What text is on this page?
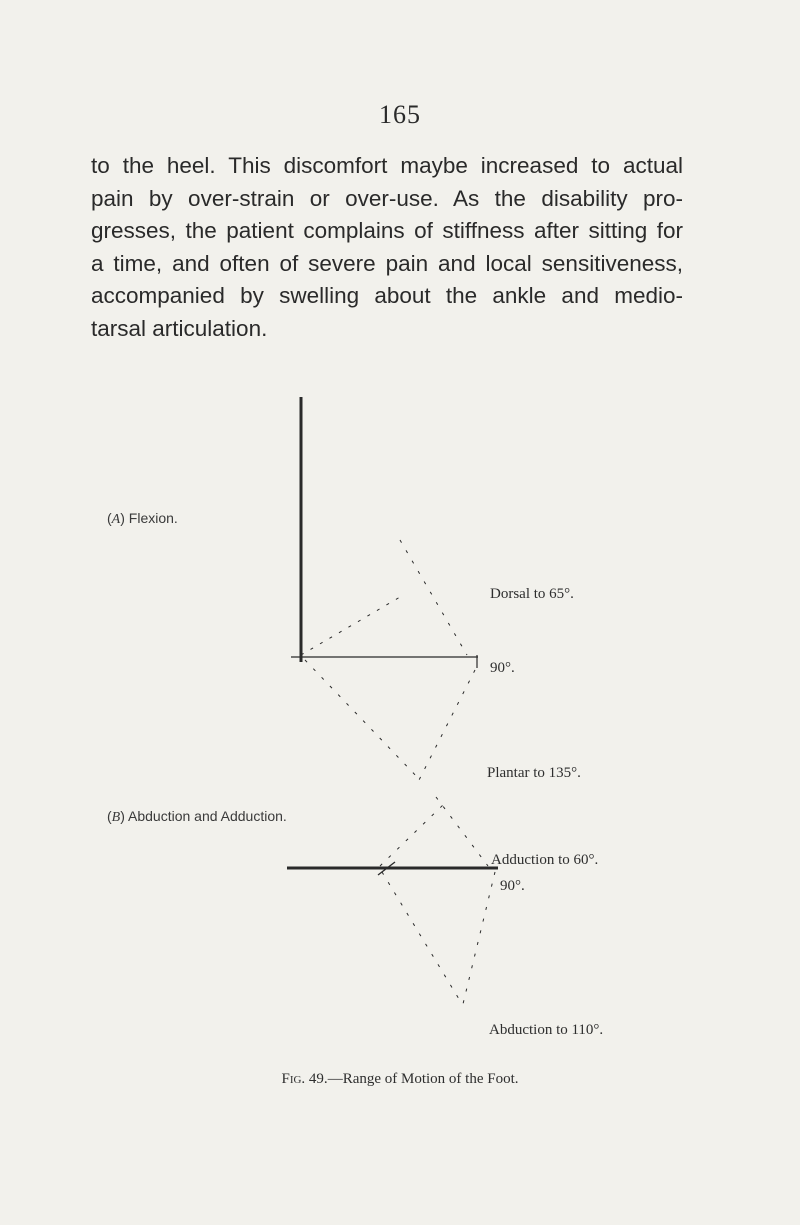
165

to the heel. This discomfort maybe increased to actual
pain by over-strain or over-use. As the disability pro-
gresses, the patient complains of stiffness after sitting for
a time, and often of severe pain and local sensitiveness,
accompanied by swelling about the ankle and medio-
tarsal articulation.

(A) Flexion.
Dorsal to 65°.
90°.
Plantar to 135°.
(B) Abduction and Adduction.
Adduction to 60°.
90°.
Abduction to 110°.
Fig. 49.—Range of Motion of the Foot.
